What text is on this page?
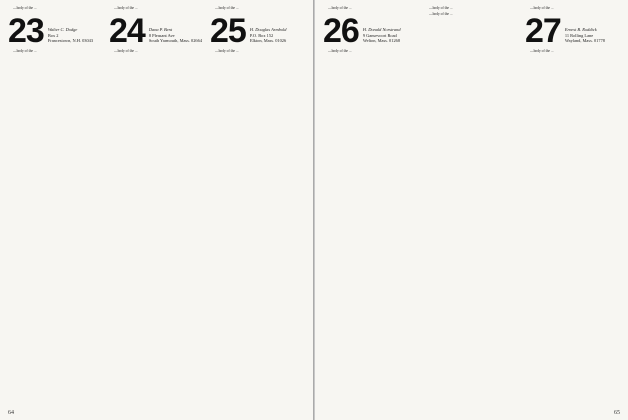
—body of the ...

23 Walter C. Dodge
Box 2
Francestown, N.H. 03043

—body of the ...

—body of the ...

24 Dana P. Bent
8 Pleasant Ave
South Yarmouth, Mass. 02664

—body of the ...

—body of the ...

25 H. Douglas Armbold
P.O. Box 152
Elkton, Mass. 01026

—body of the ...

64

—body of the ...

26 H. Donald Norstrand
9 Gansevoort Road
Welton, Mass. 01268

—body of the ...

—body of the ...

—body of the ...

—body of the ...

27 Ernest B. Roddick
11 Rolling Lane
Wayland, Mass. 01778

—body of the ...

65
